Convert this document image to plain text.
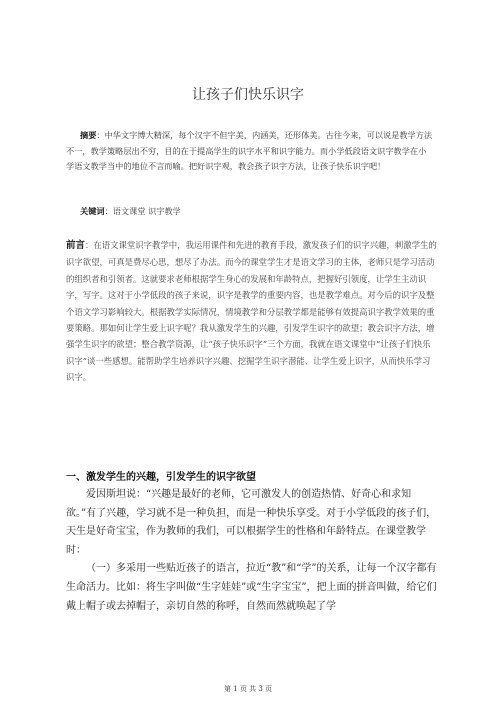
让孩子们快乐识字
摘要：中华文字博大精深，每个汉字不但字美，内涵美，还形体美。古往今来，可以说是教学方法不一，教学策略层出不穷，目的在于提高学生的识字水平和识字能力。而小学低段语文识字教学在小学语文教学当中的地位不言而喻。把好识字观，教会孩子识字方法，让孩子快乐识字吧！
关键词：语文课堂 识字教学
前言：在语文课堂识字教学中，我运用课件和先进的教育手段，激发孩子们的识字兴趣，刺激学生的识字欲望，可真是费尽心思，想尽了办法。而今的课堂学生才是语文学习的主体，老师只是学习活动的组织者和引领者。这就要求老师根据学生身心的发展和年龄特点，把握好引领度，让学生主动识字，写字。这对于小学低段的孩子来说，识字是教学的重要内容，也是教学难点。对今后的识字及整个语文学习影响较大。根据教学实际情况，情境教学和分层教学都是能够有效提高识字教学效果的重要策略。那如何让学生爱上识字呢？我从激发学生的兴趣，引发学生识字的欲望；教会识字方法，增强学生识字的欲望；整合教学资源，让“孩子快乐识字”三个方面，我就在语文课堂中“让孩子们快乐识字”谈一些感想。能帮助学生培养识字兴趣、挖掘学生识字潜能、让学生爱上识字，从而快乐学习识字。
一、激发学生的兴趣，引发学生的识字欲望

爱因斯坦说：“兴趣是最好的老师，它可激发人的创造热情、好奇心和求知欲。”有了兴趣，学习就不是一种负担，而是一种快乐享受。对于小学低段的孩子们，天生是好奇宝宝，作为教师的我们，可以根据学生的性格和年龄特点。在课堂教学时：

（一）多采用一些贴近孩子的语言，拉近“教”和“学”的关系，让每一个汉字都有生命活力。比如：将生字叫做“生字娃娃”或“生字宝宝”，把上面的拼音叫做，给它们戴上帽子或去掉帽子，亲切自然的称呼，自然而然就唤起了学

第 1 页 共 3 页
